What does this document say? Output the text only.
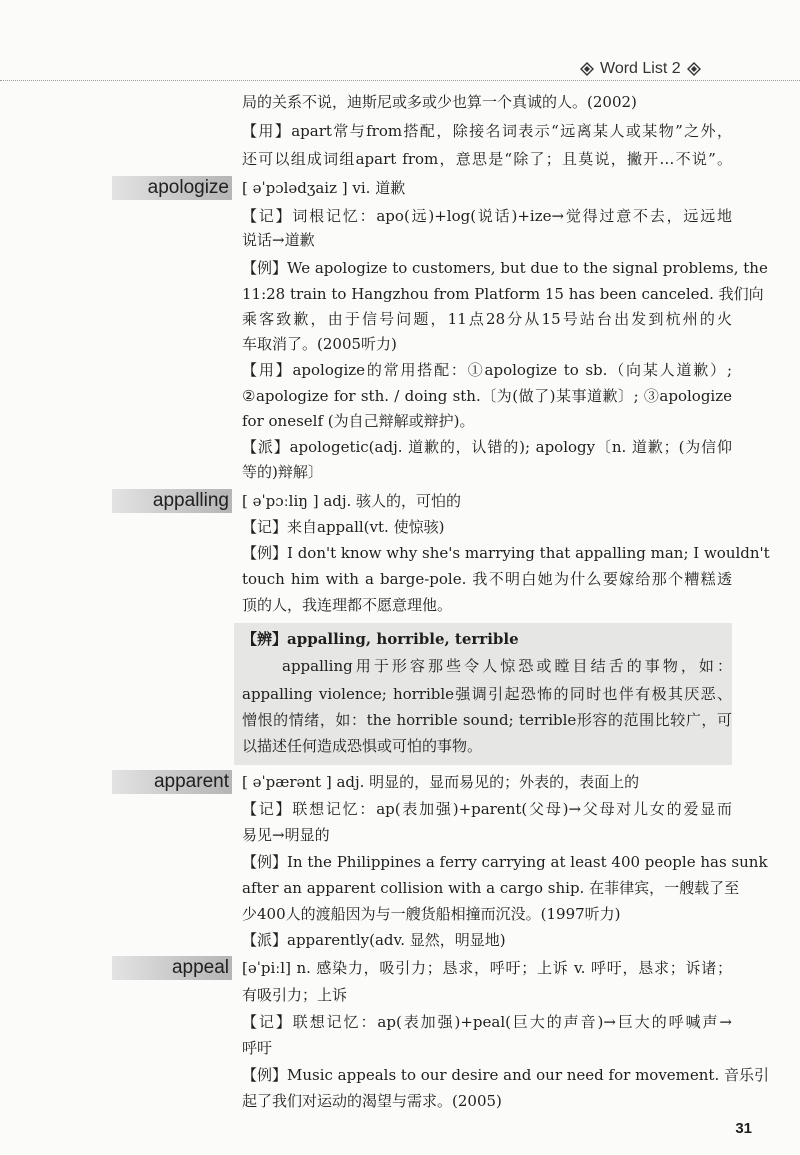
Word List 2
局的关系不说，迪斯尼或多或少也算一个真诚的人。(2002)
【用】apart常与from搭配，除接名词表示“远离某人或某物”之外，
还可以组成词组apart from，意思是“除了；且莫说，撇开…不说”。
apologize [ əˈpɔlədʒaiz ] vi. 道歉
【记】词根记忆：apo(远)+log(说话)+ize→觉得过意不去，远远地
说话→道歉
【例】We apologize to customers, but due to the signal problems, the
11:28 train to Hangzhou from Platform 15 has been canceled. 我们向
乘客致歉，由于信号问题，11点28分从15号站台出发到杭州的火
车取消了。(2005听力)
【用】apologize的常用搭配：①apologize to sb.（向某人道歉）;
②apologize for sth. / doing sth.〔为(做了)某事道歉〕; ③apologize
for oneself (为自己辩解或辩护)。
【派】apologetic(adj. 道歉的，认错的); apology〔n. 道歉；(为信仰
等的)辩解〕
appalling [ əˈpɔːliŋ ] adj. 骇人的，可怕的
【记】来自appall(vt. 使惊骇)
【例】I don't know why she's marrying that appalling man; I wouldn't
touch him with a barge-pole. 我不明白她为什么要嫁给那个糟糕透
顶的人，我连理都不愿意理他。
【辨】appalling, horrible, terrible
appalling用于形容那些令人惊恐或瞠目结舌的事物，如：
appalling violence; horrible强调引起恐怖的同时也伴有极其厌恶、
憎恨的情绪，如：the horrible sound; terrible形容的范围比较广，可
以描述任何造成恐惧或可怕的事物。
apparent [ əˈpærənt ] adj. 明显的，显而易见的；外表的，表面上的
【记】联想记忆：ap(表加强)+parent(父母)→父母对儿女的爱显而
易见→明显的
【例】In the Philippines a ferry carrying at least 400 people has sunk
after an apparent collision with a cargo ship. 在菲律宾，一艘载了至
少400人的渡船因为与一艘货船相撞而沉没。(1997听力)
【派】apparently(adv. 显然，明显地)
appeal [əˈpiːl] n. 感染力，吸引力；恳求，呼吁；上诉 v. 呼吁，恳求；诉诸；
有吸引力；上诉
【记】联想记忆：ap(表加强)+peal(巨大的声音)→巨大的呼喊声→
呼吁
【例】Music appeals to our desire and our need for movement. 音乐引
起了我们对运动的渴望与需求。(2005)
31
